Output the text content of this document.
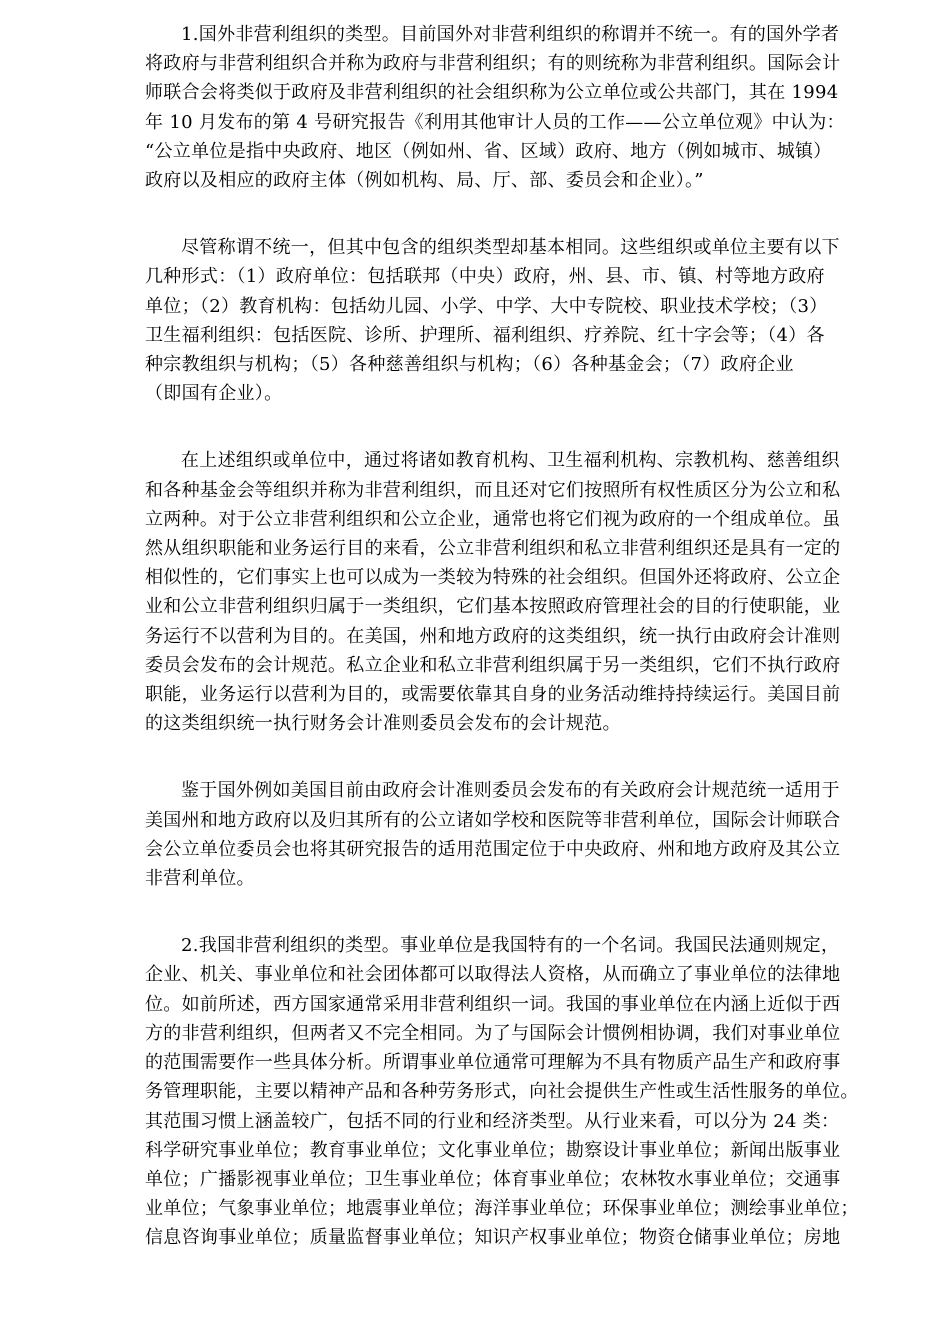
1.国外非营利组织的类型。目前国外对非营利组织的称谓并不统一。有的国外学者
将政府与非营利组织合并称为政府与非营利组织；有的则统称为非营利组织。国际会计
师联合会将类似于政府及非营利组织的社会组织称为公立单位或公共部门，其在 1994
年 10 月发布的第 4 号研究报告《利用其他审计人员的工作——公立单位观》中认为：
“公立单位是指中央政府、地区（例如州、省、区域）政府、地方（例如城市、城镇）
政府以及相应的政府主体（例如机构、局、厅、部、委员会和企业）。”

尽管称谓不统一，但其中包含的组织类型却基本相同。这些组织或单位主要有以下
几种形式：（1）政府单位：包括联邦（中央）政府，州、县、市、镇、村等地方政府
单位；（2）教育机构：包括幼儿园、小学、中学、大中专院校、职业技术学校；（3）
卫生福利组织：包括医院、诊所、护理所、福利组织、疗养院、红十字会等；（4）各
种宗教组织与机构；（5）各种慈善组织与机构；（6）各种基金会；（7）政府企业
（即国有企业）。

在上述组织或单位中，通过将诸如教育机构、卫生福利机构、宗教机构、慈善组织
和各种基金会等组织并称为非营利组织，而且还对它们按照所有权性质区分为公立和私
立两种。对于公立非营利组织和公立企业，通常也将它们视为政府的一个组成单位。虽
然从组织职能和业务运行目的来看，公立非营利组织和私立非营利组织还是具有一定的
相似性的，它们事实上也可以成为一类较为特殊的社会组织。但国外还将政府、公立企
业和公立非营利组织归属于一类组织，它们基本按照政府管理社会的目的行使职能，业
务运行不以营利为目的。在美国，州和地方政府的这类组织，统一执行由政府会计准则
委员会发布的会计规范。私立企业和私立非营利组织属于另一类组织，它们不执行政府
职能，业务运行以营利为目的，或需要依靠其自身的业务活动维持持续运行。美国目前
的这类组织统一执行财务会计准则委员会发布的会计规范。

鉴于国外例如美国目前由政府会计准则委员会发布的有关政府会计规范统一适用于
美国州和地方政府以及归其所有的公立诸如学校和医院等非营利单位，国际会计师联合
会公立单位委员会也将其研究报告的适用范围定位于中央政府、州和地方政府及其公立
非营利单位。

2.我国非营利组织的类型。事业单位是我国特有的一个名词。我国民法通则规定，
企业、机关、事业单位和社会团体都可以取得法人资格，从而确立了事业单位的法律地
位。如前所述，西方国家通常采用非营利组织一词。我国的事业单位在内涵上近似于西
方的非营利组织，但两者又不完全相同。为了与国际会计惯例相协调，我们对事业单位
的范围需要作一些具体分析。所谓事业单位通常可理解为不具有物质产品生产和政府事
务管理职能，主要以精神产品和各种劳务形式，向社会提供生产性或生活性服务的单位。
其范围习惯上涵盖较广，包括不同的行业和经济类型。从行业来看，可以分为 24 类：
科学研究事业单位；教育事业单位；文化事业单位；勘察设计事业单位；新闻出版事业
单位；广播影视事业单位；卫生事业单位；体育事业单位；农林牧水事业单位；交通事
业单位；气象事业单位；地震事业单位；海洋事业单位；环保事业单位；测绘事业单位；
信息咨询事业单位；质量监督事业单位；知识产权事业单位；物资仓储事业单位；房地
